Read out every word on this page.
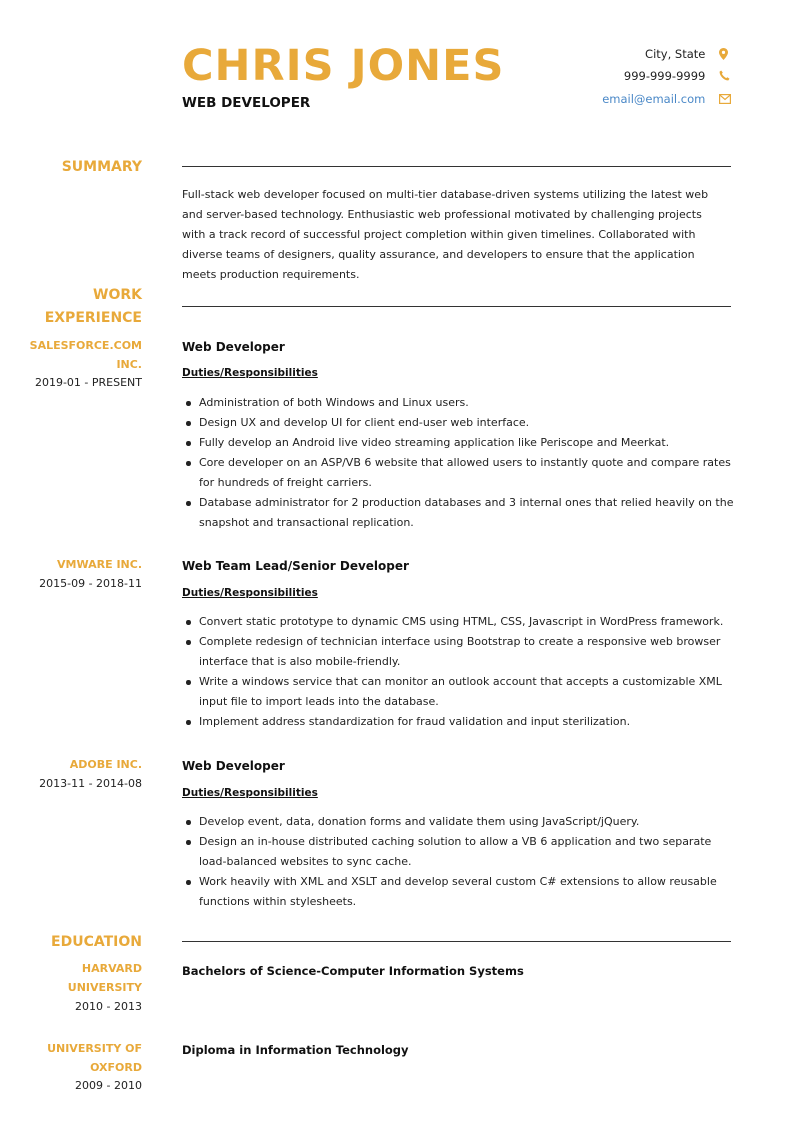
CHRIS JONES
WEB DEVELOPER
City, State
999-999-9999
email@email.com
SUMMARY
Full-stack web developer focused on multi-tier database-driven systems utilizing the latest web and server-based technology. Enthusiastic web professional motivated by challenging projects with a track record of successful project completion within given timelines. Collaborated with diverse teams of designers, quality assurance, and developers to ensure that the application meets production requirements.
WORK
EXPERIENCE
SALESFORCE.COM
INC.
2019-01 - PRESENT
Web Developer
Duties/Responsibilities
Administration of both Windows and Linux users.
Design UX and develop UI for client end-user web interface.
Fully develop an Android live video streaming application like Periscope and Meerkat.
Core developer on an ASP/VB 6 website that allowed users to instantly quote and compare rates for hundreds of freight carriers.
Database administrator for 2 production databases and 3 internal ones that relied heavily on the snapshot and transactional replication.
VMWARE INC.
2015-09 - 2018-11
Web Team Lead/Senior Developer
Duties/Responsibilities
Convert static prototype to dynamic CMS using HTML, CSS, Javascript in WordPress framework.
Complete redesign of technician interface using Bootstrap to create a responsive web browser interface that is also mobile-friendly.
Write a windows service that can monitor an outlook account that accepts a customizable XML input file to import leads into the database.
Implement address standardization for fraud validation and input sterilization.
ADOBE INC.
2013-11 - 2014-08
Web Developer
Duties/Responsibilities
Develop event, data, donation forms and validate them using JavaScript/jQuery.
Design an in-house distributed caching solution to allow a VB 6 application and two separate load-balanced websites to sync cache.
Work heavily with XML and XSLT and develop several custom C# extensions to allow reusable functions within stylesheets.
EDUCATION
HARVARD
UNIVERSITY
2010 - 2013
Bachelors of Science-Computer Information Systems
UNIVERSITY OF
OXFORD
2009 - 2010
Diploma in Information Technology
